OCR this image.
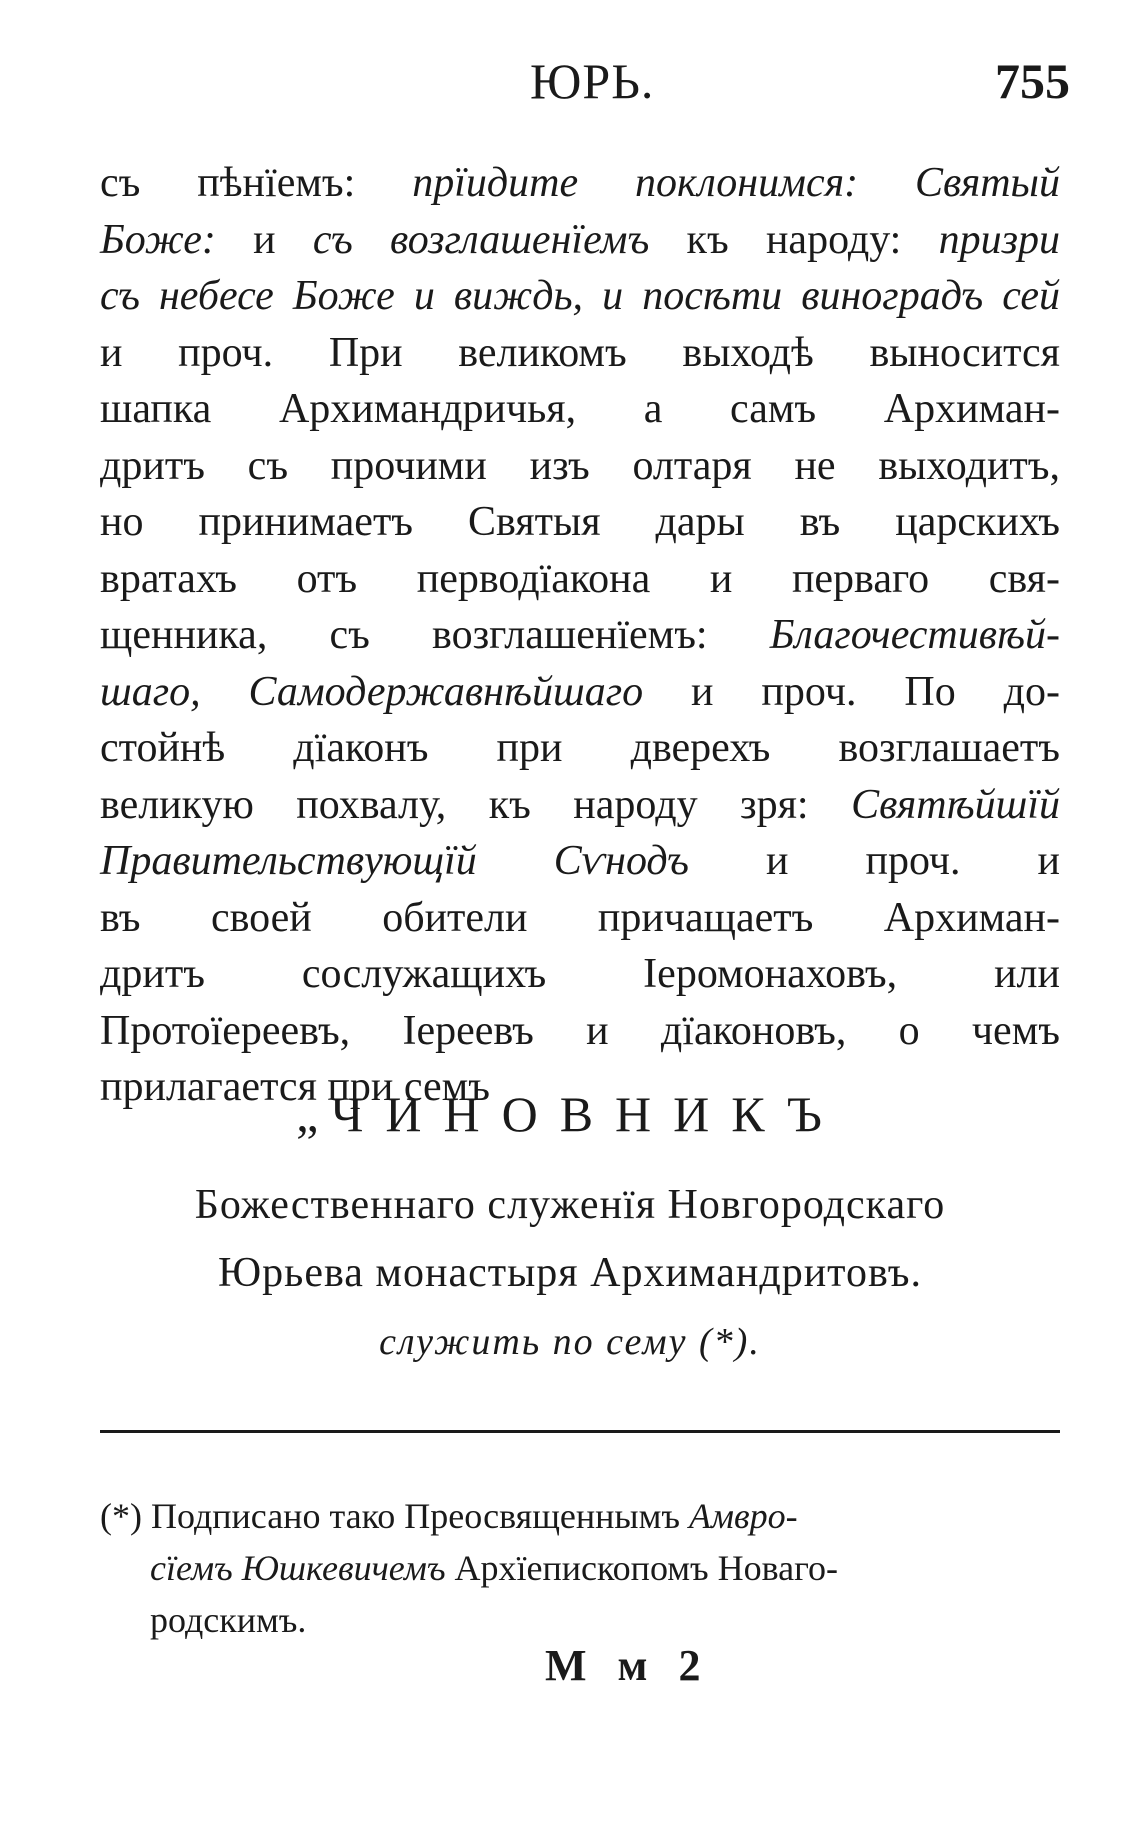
ЮРЬ.	755
съ пѣнїемъ: прїидите поклонимся: Святый
Боже: и съ возглашенїемъ къ народу: призри
съ небесе Боже и виждь, и посѣти виноградъ сей
и проч. При великомъ выходѣ выносится
шапка Архимандричья, а самъ Архиман-
дритъ съ прочими изъ олтаря не выходитъ,
но принимаетъ Святыя дары въ царскихъ
вратахъ отъ перводїакона и перваго свя-
щенника, съ возглашенїемъ: Благочестивѣй-
шаго, Самодержавнѣйшаго и проч. По до-
стойнѣ дїаконъ при дверехъ возглашаетъ
великую похвалу, къ народу зря: Святѣйшїй
Правительствующїй Сѵнодъ и проч. и
въ своей обители причащаетъ Архиман-
дритъ сослужащихъ Iеромонаховъ, или
Протоїереевъ, Iереевъ и дїаконовъ, о чемъ
прилагается при семъ
„ЧИНОВНИКЪ
Божественнаго служенїя Новгородскаго
Юрьева монастыря Архимандритовъ.
служить по сему (*).
(*) Подписано тако Преосвященнымъ Амвро-
сїемъ Юшкевичемъ Архїепископомъ Новаго-
родскимъ.
М м 2
